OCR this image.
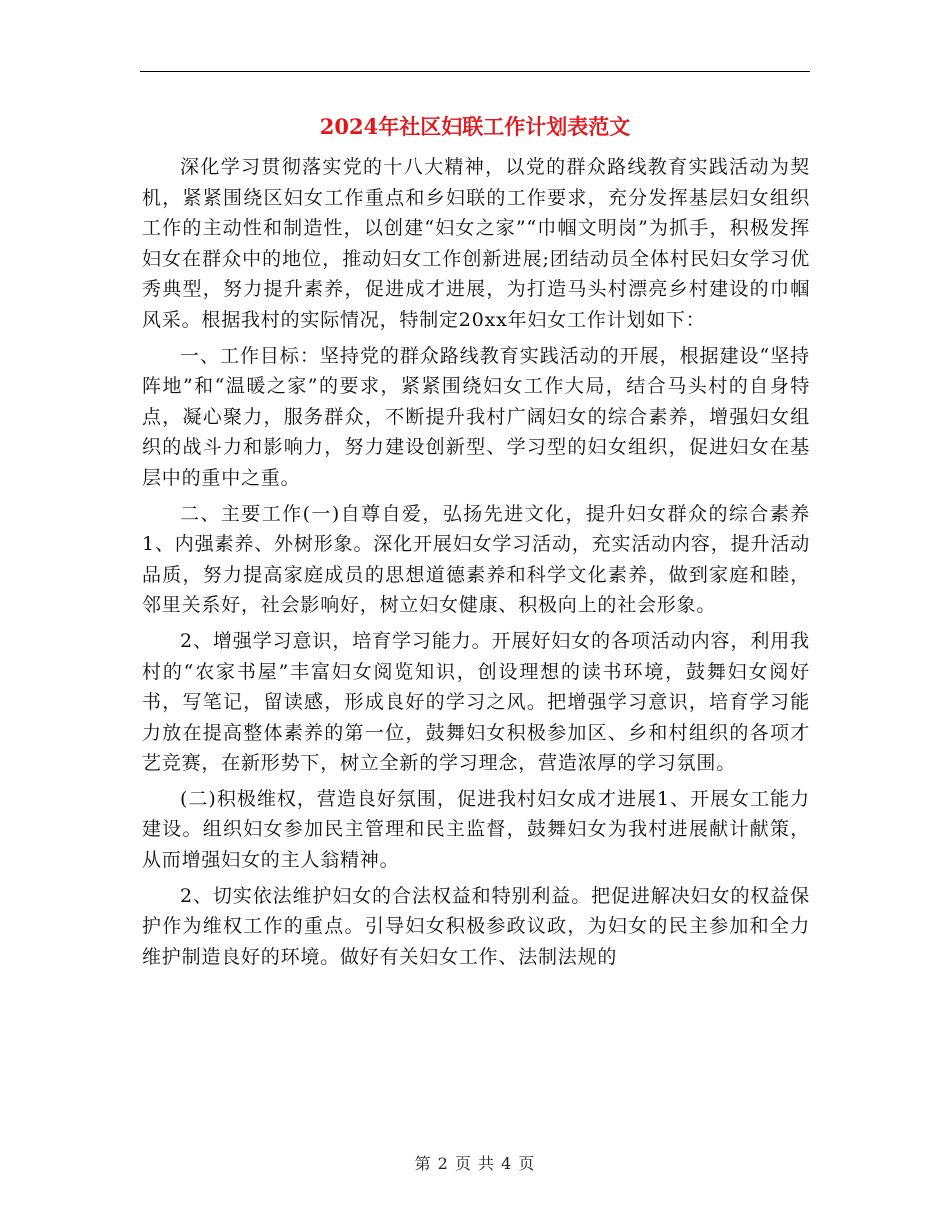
2024年社区妇联工作计划表范文

深化学习贯彻落实党的十八大精神，以党的群众路线教育实践活动为契机，紧紧围绕区妇女工作重点和乡妇联的工作要求，充分发挥基层妇女组织工作的主动性和制造性，以创建“妇女之家”“巾帼文明岗”为抓手，积极发挥妇女在群众中的地位，推动妇女工作创新进展;团结动员全体村民妇女学习优秀典型，努力提升素养，促进成才进展，为打造马头村漂亮乡村建设的巾帼风采。根据我村的实际情况，特制定20xx年妇女工作计划如下：

一、工作目标：坚持党的群众路线教育实践活动的开展，根据建设“坚持阵地”和“温暖之家”的要求，紧紧围绕妇女工作大局，结合马头村的自身特点，凝心聚力，服务群众，不断提升我村广阔妇女的综合素养，增强妇女组织的战斗力和影响力，努力建设创新型、学习型的妇女组织，促进妇女在基层中的重中之重。

二、主要工作(一)自尊自爱，弘扬先进文化，提升妇女群众的综合素养1、内强素养、外树形象。深化开展妇女学习活动，充实活动内容，提升活动品质，努力提高家庭成员的思想道德素养和科学文化素养，做到家庭和睦，邻里关系好，社会影响好，树立妇女健康、积极向上的社会形象。

2、增强学习意识，培育学习能力。开展好妇女的各项活动内容，利用我村的“农家书屋”丰富妇女阅览知识，创设理想的读书环境，鼓舞妇女阅好书，写笔记，留读感，形成良好的学习之风。把增强学习意识，培育学习能力放在提高整体素养的第一位，鼓舞妇女积极参加区、乡和村组织的各项才艺竞赛，在新形势下，树立全新的学习理念，营造浓厚的学习氛围。

(二)积极维权，营造良好氛围，促进我村妇女成才进展1、开展女工能力建设。组织妇女参加民主管理和民主监督，鼓舞妇女为我村进展献计献策，从而增强妇女的主人翁精神。

2、切实依法维护妇女的合法权益和特别利益。把促进解决妇女的权益保护作为维权工作的重点。引导妇女积极参政议政，为妇女的民主参加和全力维护制造良好的环境。做好有关妇女工作、法制法规的

第 2 页 共 4 页
